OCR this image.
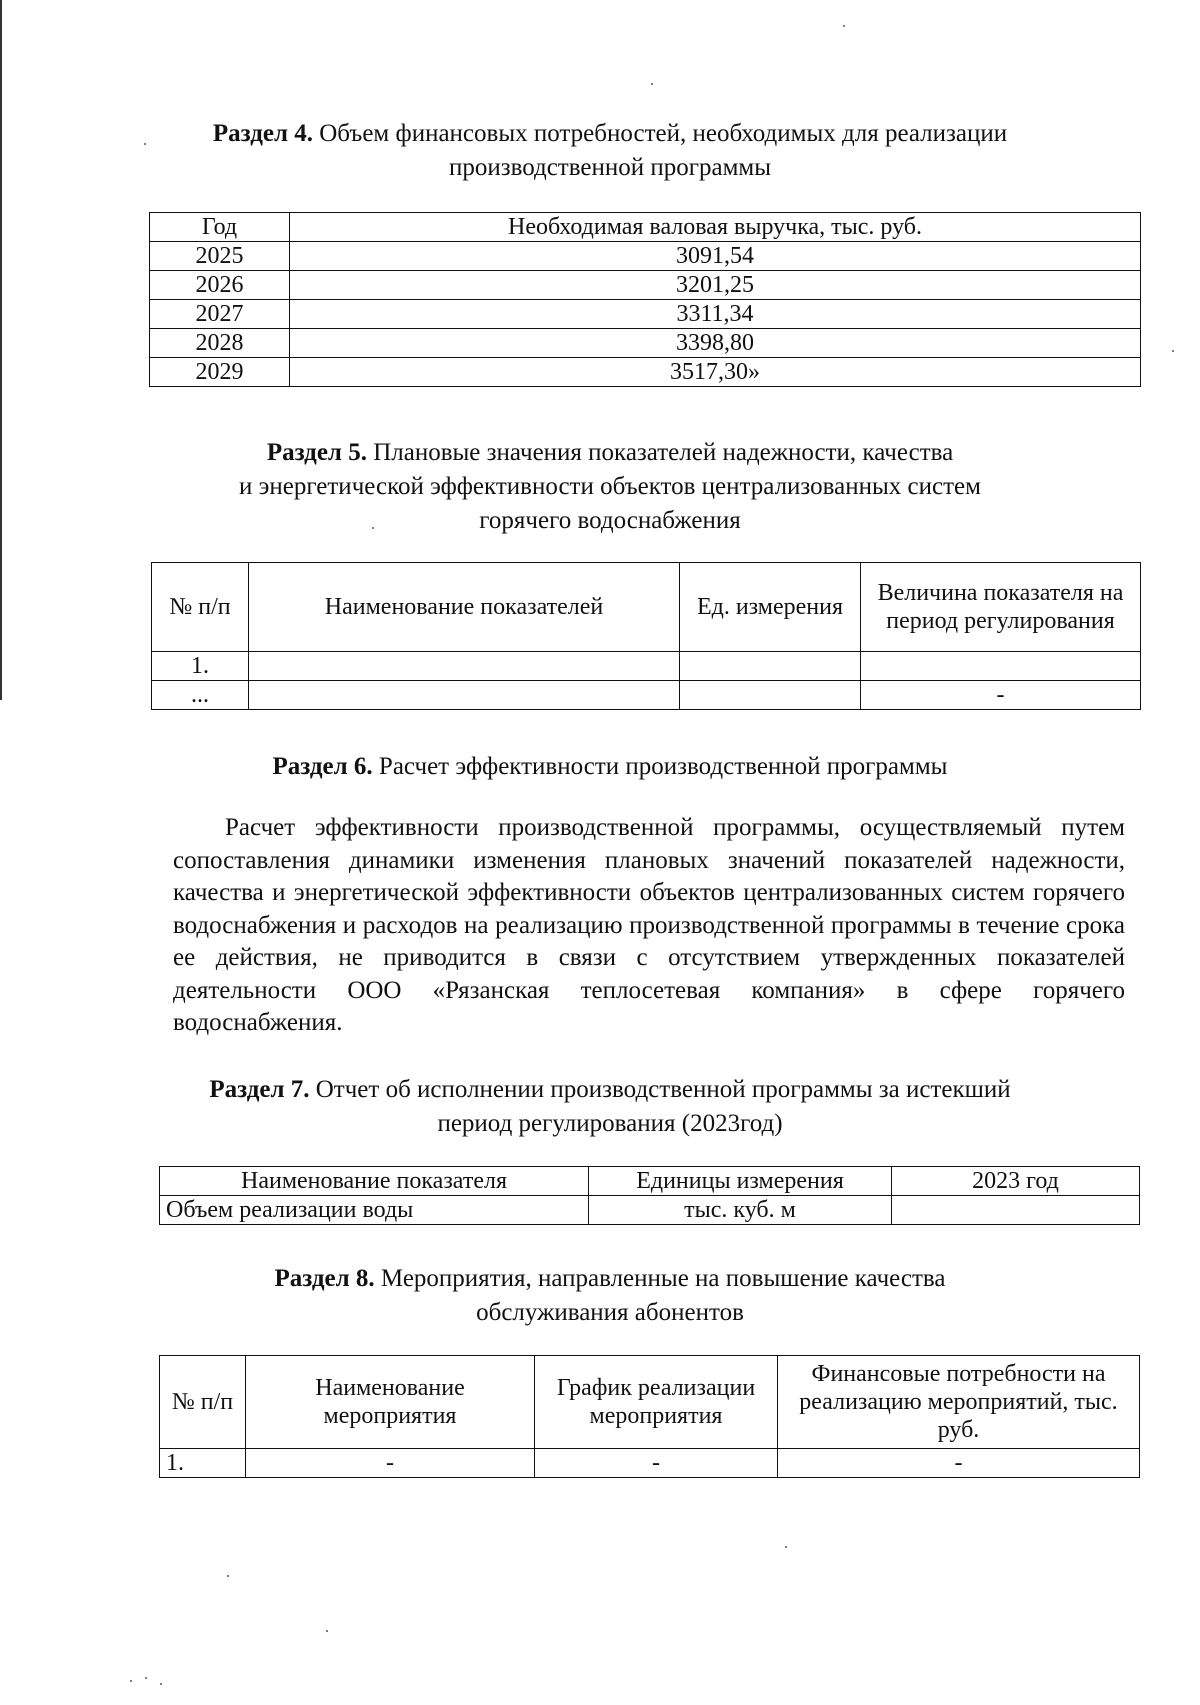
Раздел 4. Объем финансовых потребностей, необходимых для реализации
производственной программы
Год	Необходимая валовая выручка, тыс. руб.
2025	3091,54
2026	3201,25
2027	3311,34
2028	3398,80
2029	3517,30»
Раздел 5. Плановые значения показателей надежности, качества
и энергетической эффективности объектов централизованных систем
горячего водоснабжения
№ п/п	Наименование показателей	Ед. измерения	Величина показателя на период регулирования
1.			
...			-
Раздел 6. Расчет эффективности производственной программы
Расчет эффективности производственной программы, осуществляемый путем сопоставления динамики изменения плановых значений показателей надежности, качества и энергетической эффективности объектов централизованных систем горячего водоснабжения и расходов на реализацию производственной программы в течение срока ее действия, не приводится в связи с отсутствием утвержденных показателей деятельности ООО «Рязанская теплосетевая компания» в сфере горячего водоснабжения.
Раздел 7. Отчет об исполнении производственной программы за истекший
период регулирования (2023год)
Наименование показателя	Единицы измерения	2023 год
Объем реализации воды	тыс. куб. м	
Раздел 8. Мероприятия, направленные на повышение качества
обслуживания абонентов
№ п/п	Наименование мероприятия	График реализации мероприятия	Финансовые потребности на реализацию мероприятий, тыс. руб.
1.	-	-	-
